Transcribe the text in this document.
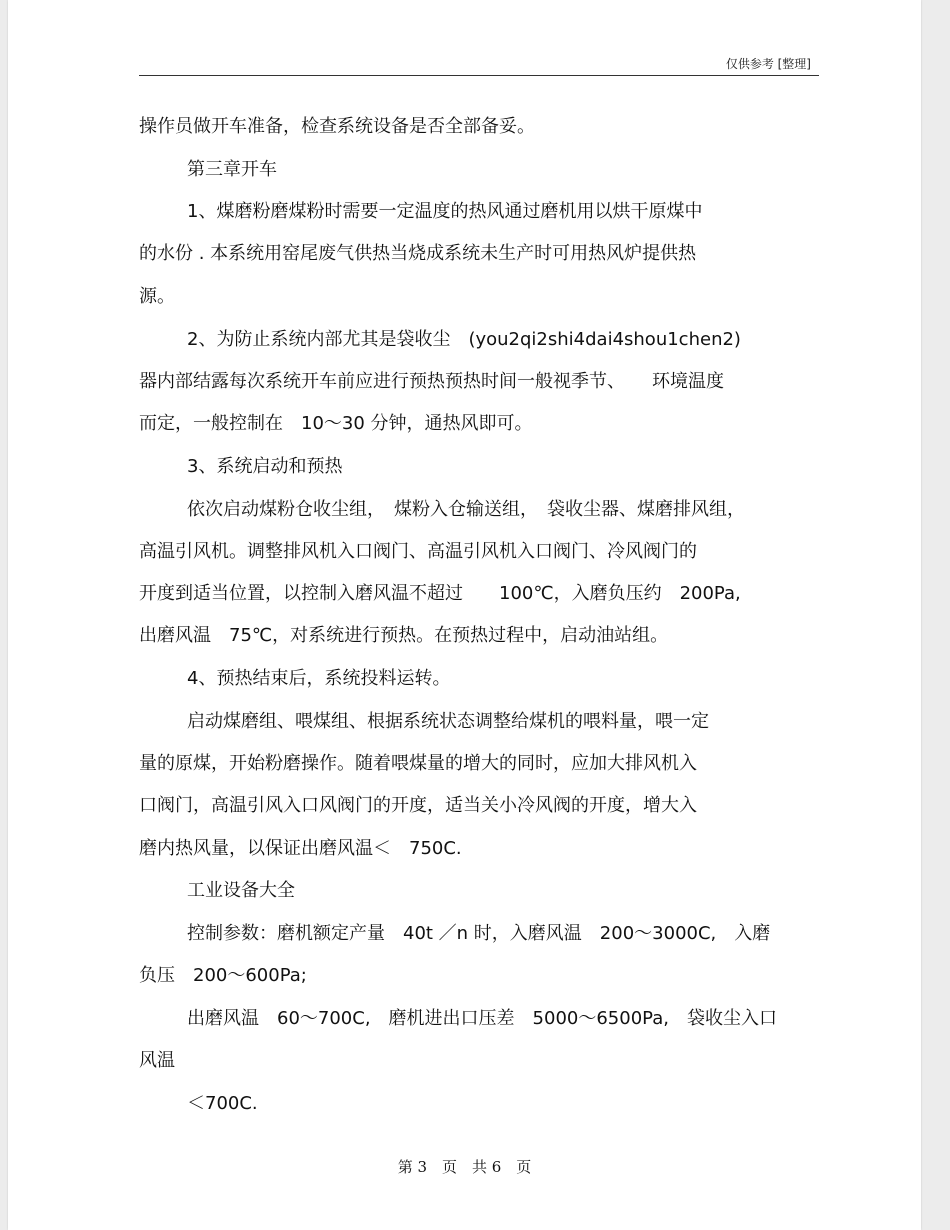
仅供参考 [整理]
操作员做开车准备，检查系统设备是否全部备妥。
第三章开车
1、煤磨粉磨煤粉时需要一定温度的热风通过磨机用以烘干原煤中
的水份 . 本系统用窑尾废气供热当烧成系统未生产时可用热风炉提供热
源。
2、为防止系统内部尤其是袋收尘　(you2qi2shi4dai4shou1chen2)
器内部结露每次系统开车前应进行预热预热时间一般视季节、　　环境温度
而定，一般控制在　10～30 分钟，通热风即可。
3、系统启动和预热
依次启动煤粉仓收尘组，　煤粉入仓输送组，　袋收尘器、煤磨排风组，
高温引风机。调整排风机入口阀门、高温引风机入口阀门、冷风阀门的
开度到适当位置，以控制入磨风温不超过　　100℃，入磨负压约　200Pa,
出磨风温　75℃，对系统进行预热。在预热过程中，启动油站组。
4、预热结束后，系统投料运转。
启动煤磨组、喂煤组、根据系统状态调整给煤机的喂料量，喂一定
量的原煤，开始粉磨操作。随着喂煤量的增大的同时，应加大排风机入
口阀门，高温引风入口风阀门的开度，适当关小冷风阀的开度，增大入
磨内热风量，以保证出磨风温＜　750C.
工业设备大全
控制参数：磨机额定产量　40t ／n 时，入磨风温　200～3000C,　入磨
负压　200～600Pa;
出磨风温　60～700C,　磨机进出口压差　5000～6500Pa,　袋收尘入口
风温
＜700C.
第 3　页　共 6　页
